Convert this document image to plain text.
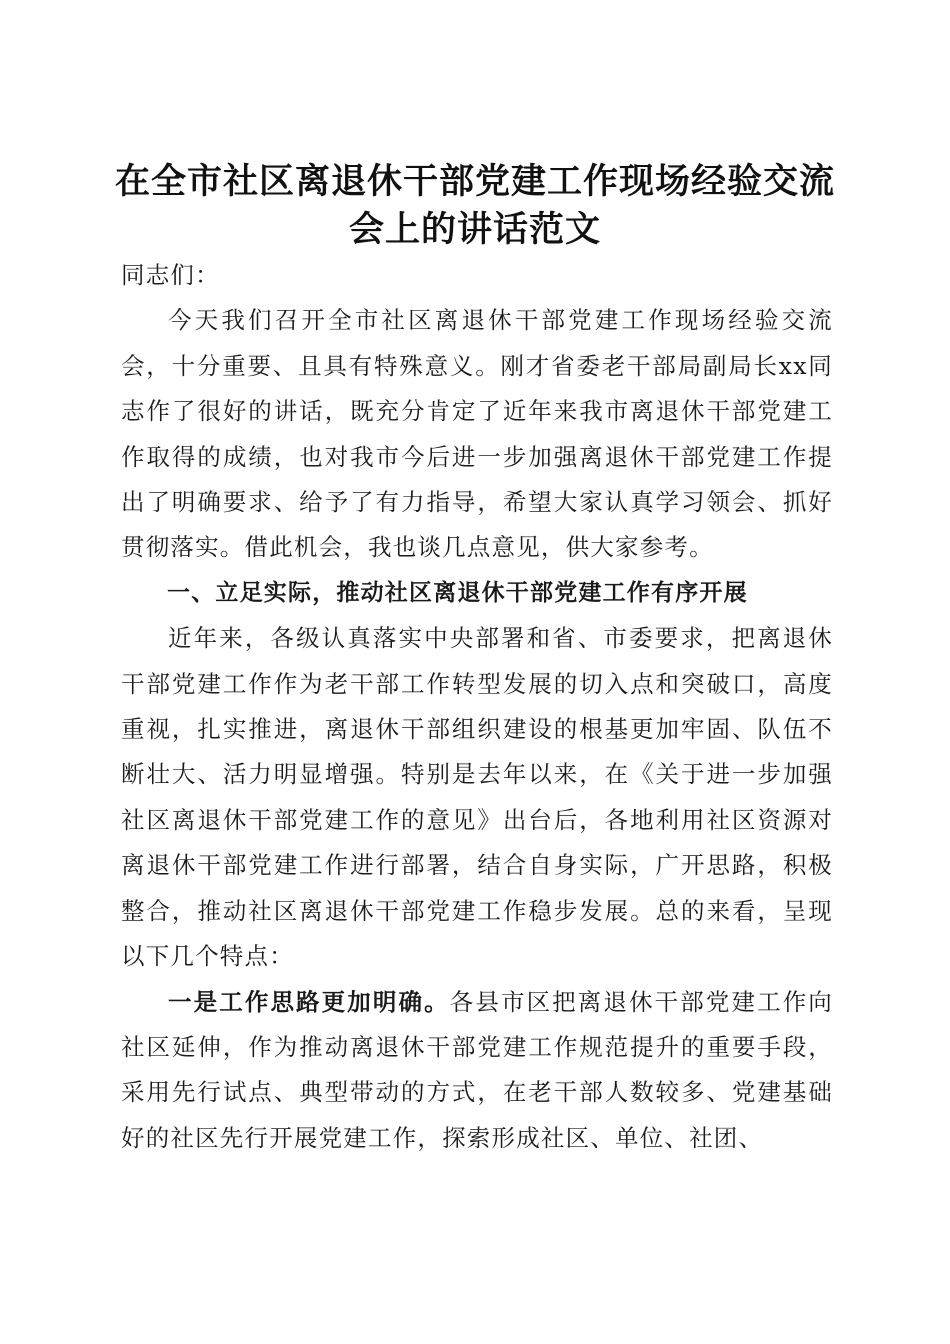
在全市社区离退休干部党建工作现场经验交流会上的讲话范文

同志们：

今天我们召开全市社区离退休干部党建工作现场经验交流会，十分重要、且具有特殊意义。刚才省委老干部局副局长xx同志作了很好的讲话，既充分肯定了近年来我市离退休干部党建工作取得的成绩，也对我市今后进一步加强离退休干部党建工作提出了明确要求、给予了有力指导，希望大家认真学习领会、抓好贯彻落实。借此机会，我也谈几点意见，供大家参考。

一、立足实际，推动社区离退休干部党建工作有序开展

近年来，各级认真落实中央部署和省、市委要求，把离退休干部党建工作作为老干部工作转型发展的切入点和突破口，高度重视，扎实推进，离退休干部组织建设的根基更加牢固、队伍不断壮大、活力明显增强。特别是去年以来，在《关于进一步加强社区离退休干部党建工作的意见》出台后，各地利用社区资源对离退休干部党建工作进行部署，结合自身实际，广开思路，积极整合，推动社区离退休干部党建工作稳步发展。总的来看，呈现以下几个特点：

一是工作思路更加明确。各县市区把离退休干部党建工作向社区延伸，作为推动离退休干部党建工作规范提升的重要手段，采用先行试点、典型带动的方式，在老干部人数较多、党建基础好的社区先行开展党建工作，探索形成社区、单位、社团、
